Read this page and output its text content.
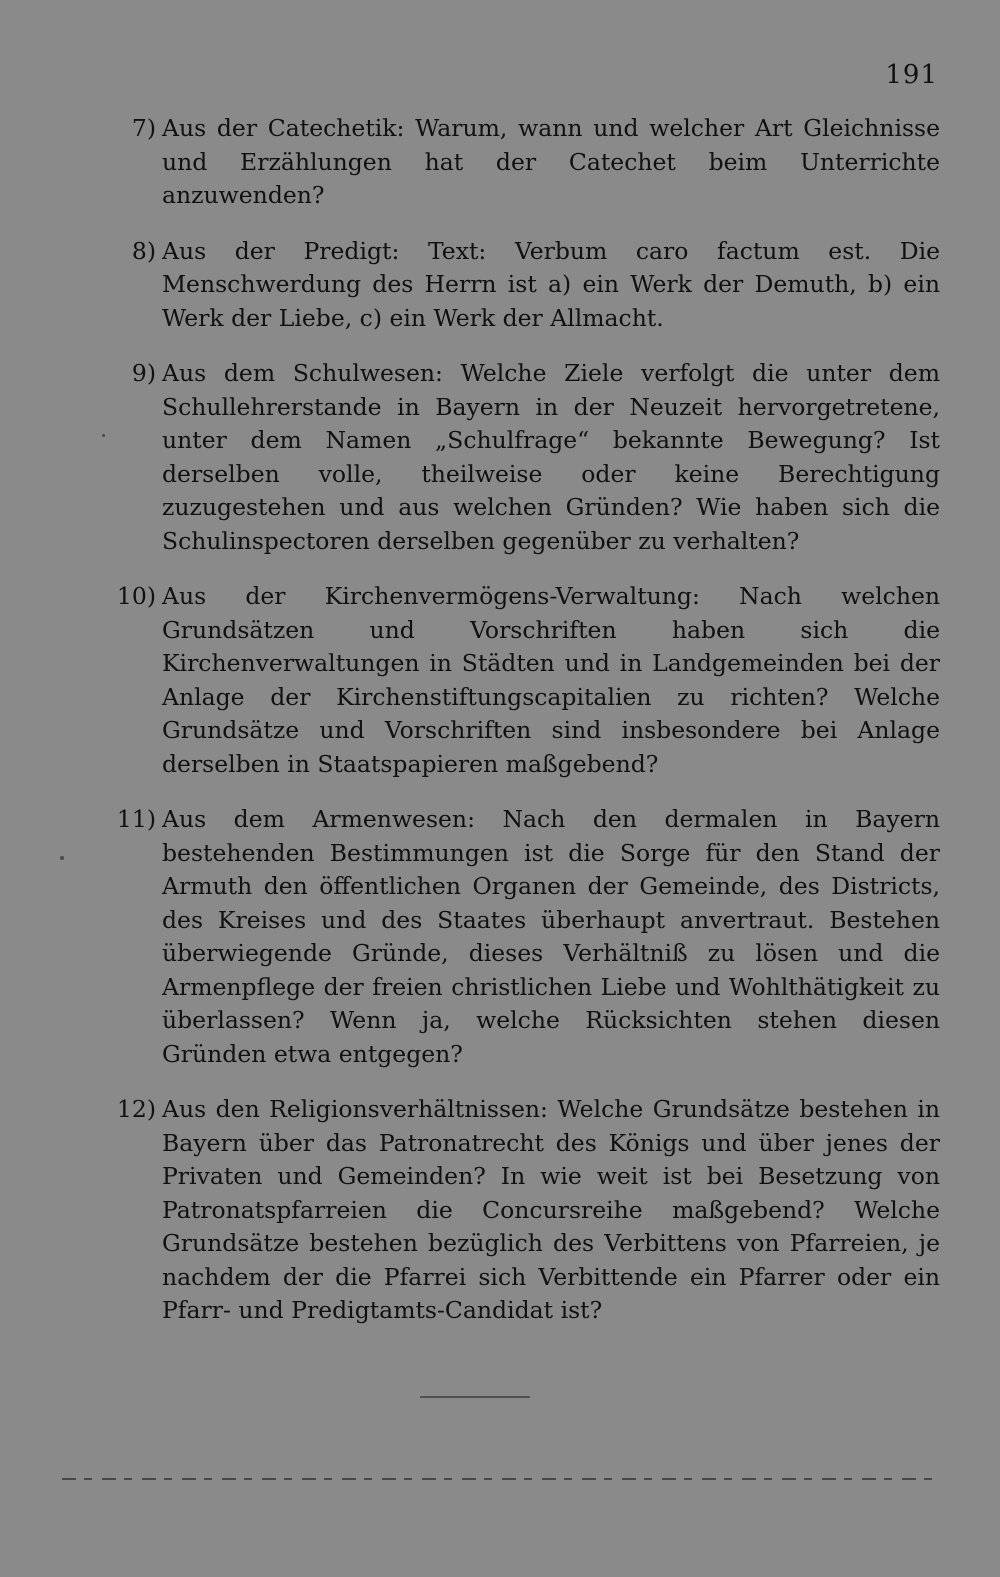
191
7) Aus der Catechetik: Warum, wann und welcher Art Gleichnisse und Erzählungen hat der Catechet beim Unterrichte anzuwenden?
8) Aus der Predigt: Text: Verbum caro factum est. Die Menschwerdung des Herrn ist a) ein Werk der Demuth, b) ein Werk der Liebe, c) ein Werk der Allmacht.
9) Aus dem Schulwesen: Welche Ziele verfolgt die unter dem Schullehrerstande in Bayern in der Neuzeit hervorgetretene, unter dem Namen „Schulfrage“ bekannte Bewegung? Ist derselben volle, theilweise oder keine Berechtigung zuzugestehen und aus welchen Gründen? Wie haben sich die Schulinspectoren derselben gegenüber zu verhalten?
10) Aus der Kirchenvermögens-Verwaltung: Nach welchen Grundsätzen und Vorschriften haben sich die Kirchenverwaltungen in Städten und in Landgemeinden bei der Anlage der Kirchenstiftungscapitalien zu richten? Welche Grundsätze und Vorschriften sind insbesondere bei Anlage derselben in Staatspapieren maßgebend?
11) Aus dem Armenwesen: Nach den dermalen in Bayern bestehenden Bestimmungen ist die Sorge für den Stand der Armuth den öffentlichen Organen der Gemeinde, des Districts, des Kreises und des Staates überhaupt anvertraut. Bestehen überwiegende Gründe, dieses Verhältniß zu lösen und die Armenpflege der freien christlichen Liebe und Wohlthätigkeit zu überlassen? Wenn ja, welche Rücksichten stehen diesen Gründen etwa entgegen?
12) Aus den Religionsverhältnissen: Welche Grundsätze bestehen in Bayern über das Patronatrecht des Königs und über jenes der Privaten und Gemeinden? In wie weit ist bei Besetzung von Patronatspfarreien die Concursreihe maßgebend? Welche Grundsätze bestehen bezüglich des Verbittens von Pfarreien, je nachdem der die Pfarrei sich Verbittende ein Pfarrer oder ein Pfarr- und Predigtamts-Candidat ist?
